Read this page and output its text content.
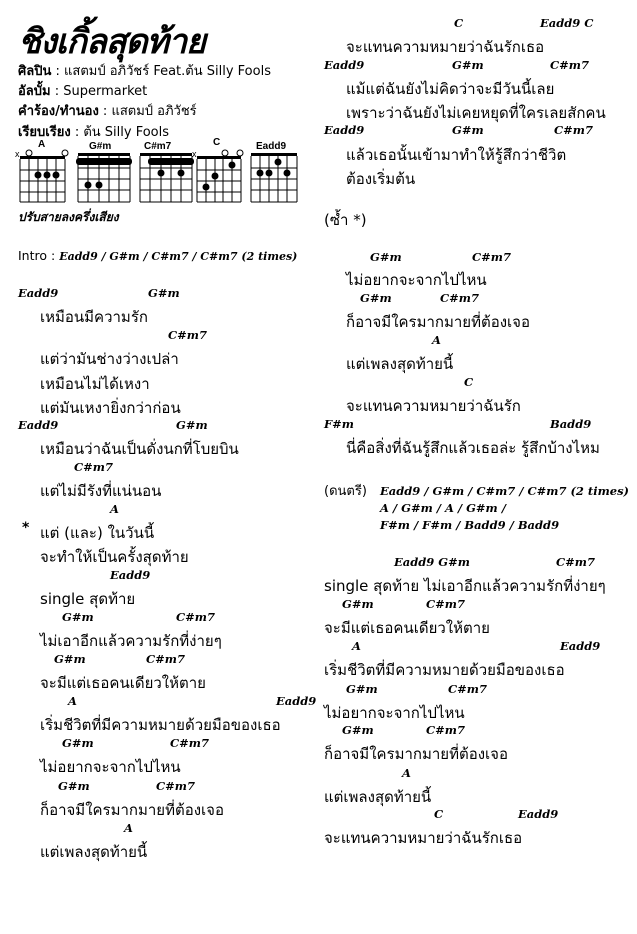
ชิงเกิ้ลสุดท้าย
ศิลปิน : แสตมป์ อภิวัชร์ Feat.ต้น Silly Fools
อัลบั้ม : Supermarket
คำร้อง/ทำนอง : แสตมป์ อภิวัชร์
เรียบเรียง : ต้น Silly Fools
A
x
G#m	C#m7	C
x
Eadd9
ปรับสายลงครึ่งเสียง
Intro : Eadd9 / G#m / C#m7 / C#m7 (2 times)
Eadd9	G#m
เหมือนมีความรัก
C#m7
แต่ว่ามันช่างว่างเปล่า
เหมือนไม่ได้เหงา
แต่มันเหงายิ่งกว่าก่อน
Eadd9	G#m
เหมือนว่าฉันเป็นดั่งนกที่โบยบิน
C#m7
แต่ไม่มีรังที่แน่นอน
A
* แต่ (และ) ในวันนี้
จะทำให้เป็นครั้งสุดท้าย
Eadd9
single สุดท้าย
G#m	C#m7
ไม่เอาอีกแล้วความรักที่ง่ายๆ
G#m	C#m7
จะมีแต่เธอคนเดียวให้ตาย
A	Eadd9
เริ่มชีวิตที่มีความหมายด้วยมือของเธอ
G#m	C#m7
ไม่อยากจะจากไปไหน
G#m	C#m7
ก็อาจมีใครมากมายที่ต้องเจอ
A
แต่เพลงสุดท้ายนี้
C	Eadd9 C
จะแทนความหมายว่าฉันรักเธอ
Eadd9	G#m	C#m7
แม้แต่ฉันยังไม่คิดว่าจะมีวันนี้เลย
เพราะว่าฉันยังไม่เคยหยุดที่ใครเลยสักคน
Eadd9	G#m	C#m7
แล้วเธอนั้นเข้ามาทำให้รู้สึกว่าชีวิต
ต้องเริ่มต้น
(ซ้ำ *)
G#m	C#m7
ไม่อยากจะจากไปไหน
G#m	C#m7
ก็อาจมีใครมากมายที่ต้องเจอ
A
แต่เพลงสุดท้ายนี้
C
จะแทนความหมายว่าฉันรัก
F#m	Badd9
นี่คือสิ่งที่ฉันรู้สึกแล้วเธอล่ะ รู้สึกบ้างไหม
(ดนตรี) Eadd9 / G#m / C#m7 / C#m7 (2 times)
A / G#m / A / G#m /
F#m / F#m / Badd9 / Badd9
Eadd9 G#m	C#m7
single สุดท้าย ไม่เอาอีกแล้วความรักที่ง่ายๆ
G#m	C#m7
จะมีแต่เธอคนเดียวให้ตาย
A	Eadd9
เริ่มชีวิตที่มีความหมายด้วยมือของเธอ
G#m	C#m7
ไม่อยากจะจากไปไหน
G#m	C#m7
ก็อาจมีใครมากมายที่ต้องเจอ
A
แต่เพลงสุดท้ายนี้
C	Eadd9
จะแทนความหมายว่าฉันรักเธอ
